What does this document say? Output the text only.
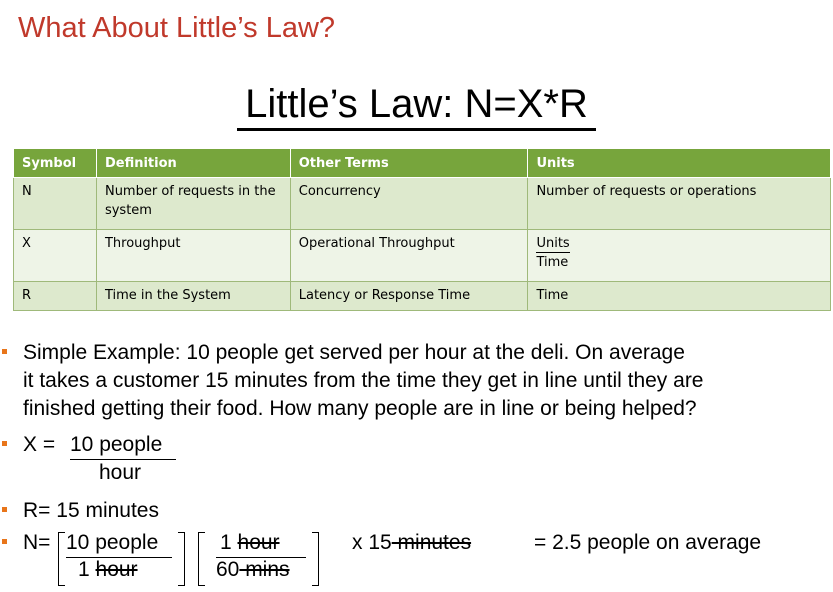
What About Little’s Law?
Little’s Law: N=X*R
Symbol	Definition	Other Terms	Units
N	Number of requests in the system	Concurrency	Number of requests or operations
X	Throughput	Operational Throughput	Units
Time
R	Time in the System	Latency or Response Time	Time
Simple Example: 10 people get served per hour at the deli. On average
it takes a customer 15 minutes from the time they get in line until they are
finished getting their food. How many people are in line or being helped?
X = 10 people
hour
R= 15 minutes
N= 10 people
1 hour
1 hour
60 mins
x 15 minutes	= 2.5 people on average
